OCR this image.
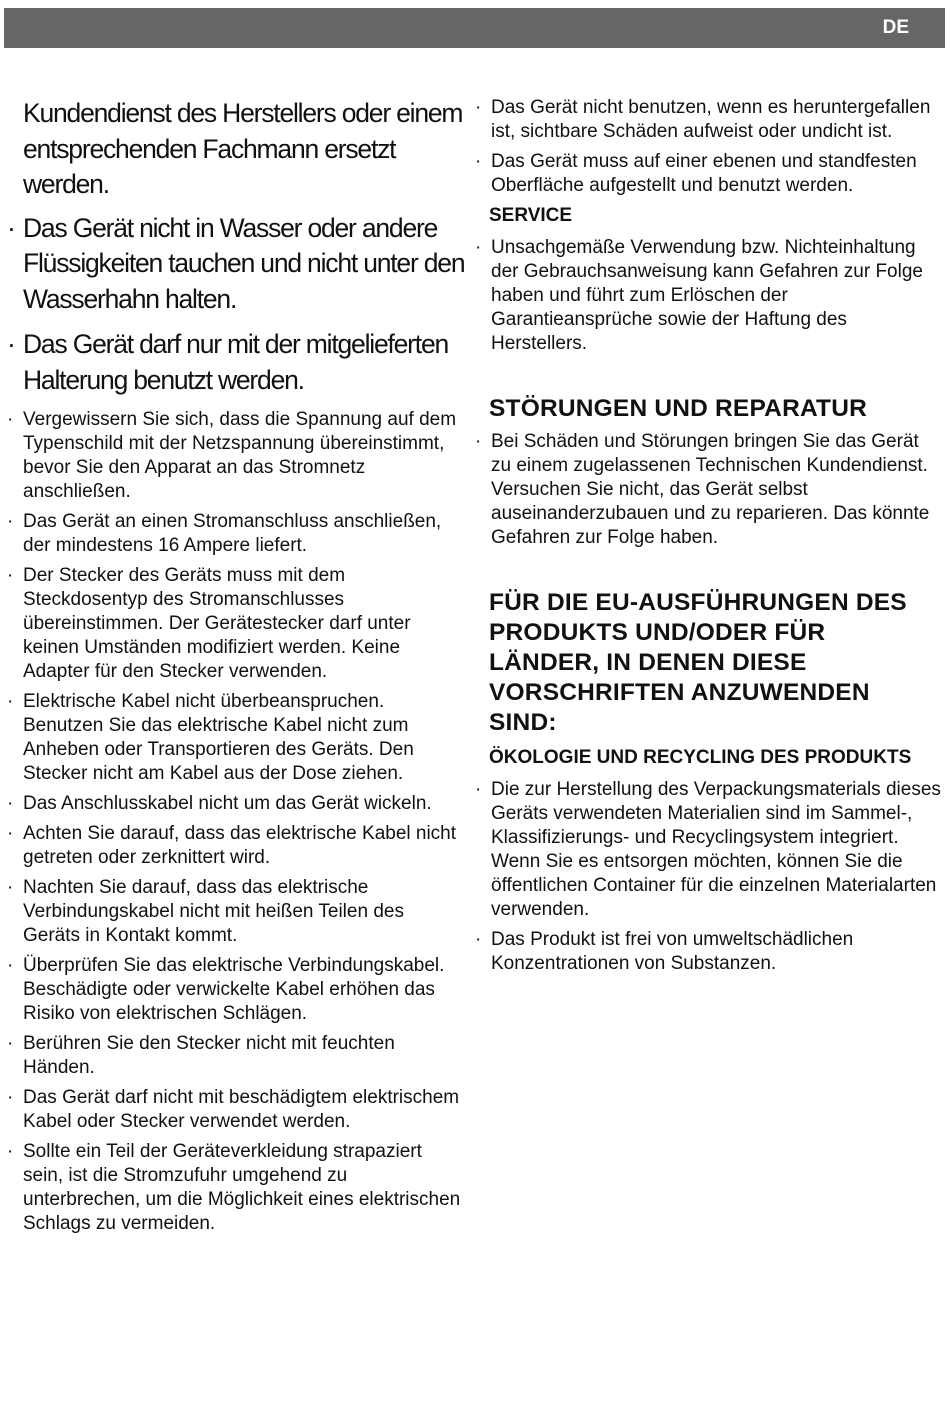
DE
Kundendienst des Herstellers oder einem entsprechenden Fachmann ersetzt werden.
· Das Gerät nicht in Wasser oder andere Flüssigkeiten tauchen und nicht unter den Wasserhahn halten.
· Das Gerät darf nur mit der mitgelieferten Halterung benutzt werden.
· Vergewissern Sie sich, dass die Spannung auf dem Typenschild mit der Netzspannung übereinstimmt, bevor Sie den Apparat an das Stromnetz anschließen.
· Das Gerät an einen Stromanschluss anschließen, der mindestens 16 Ampere liefert.
· Der Stecker des Geräts muss mit dem Steckdosentyp des Stromanschlusses übereinstimmen. Der Gerätestecker darf unter keinen Umständen modifiziert werden. Keine Adapter für den Stecker verwenden.
· Elektrische Kabel nicht überbeanspruchen. Benutzen Sie das elektrische Kabel nicht zum Anheben oder Transportieren des Geräts. Den Stecker nicht am Kabel aus der Dose ziehen.
· Das Anschlusskabel nicht um das Gerät wickeln.
· Achten Sie darauf, dass das elektrische Kabel nicht getreten oder zerknittert wird.
· Nachten Sie darauf, dass das elektrische Verbindungskabel nicht mit heißen Teilen des Geräts in Kontakt kommt.
· Überprüfen Sie das elektrische Verbindungskabel. Beschädigte oder verwickelte Kabel erhöhen das Risiko von elektrischen Schlägen.
· Berühren Sie den Stecker nicht mit feuchten Händen.
· Das Gerät darf nicht mit beschädigtem elektrischem Kabel oder Stecker verwendet werden.
· Sollte ein Teil der Geräteverkleidung strapaziert sein, ist die Stromzufuhr umgehend zu unterbrechen, um die Möglichkeit eines elektrischen Schlags zu vermeiden.
· Das Gerät nicht benutzen, wenn es heruntergefallen ist, sichtbare Schäden aufweist oder undicht ist.
· Das Gerät muss auf einer ebenen und standfesten Oberfläche aufgestellt und benutzt werden.
SERVICE
· Unsachgemäße Verwendung bzw. Nichteinhaltung der Gebrauchsanweisung kann Gefahren zur Folge haben und führt zum Erlöschen der Garantieansprüche sowie der Haftung des Herstellers.
STÖRUNGEN UND REPARATUR
· Bei Schäden und Störungen bringen Sie das Gerät zu einem zugelassenen Technischen Kundendienst. Versuchen Sie nicht, das Gerät selbst auseinanderzubauen und zu reparieren. Das könnte Gefahren zur Folge haben.
FÜR DIE EU-AUSFÜHRUNGEN DES PRODUKTS UND/ODER FÜR LÄNDER, IN DENEN DIESE VORSCHRIFTEN ANZUWENDEN SIND:
ÖKOLOGIE UND RECYCLING DES PRODUKTS
· Die zur Herstellung des Verpackungsmaterials dieses Geräts verwendeten Materialien sind im Sammel-, Klassifizierungs- und Recyclingsystem integriert. Wenn Sie es entsorgen möchten, können Sie die öffentlichen Container für die einzelnen Materialarten verwenden.
· Das Produkt ist frei von umweltschädlichen Konzentrationen von Substanzen.
